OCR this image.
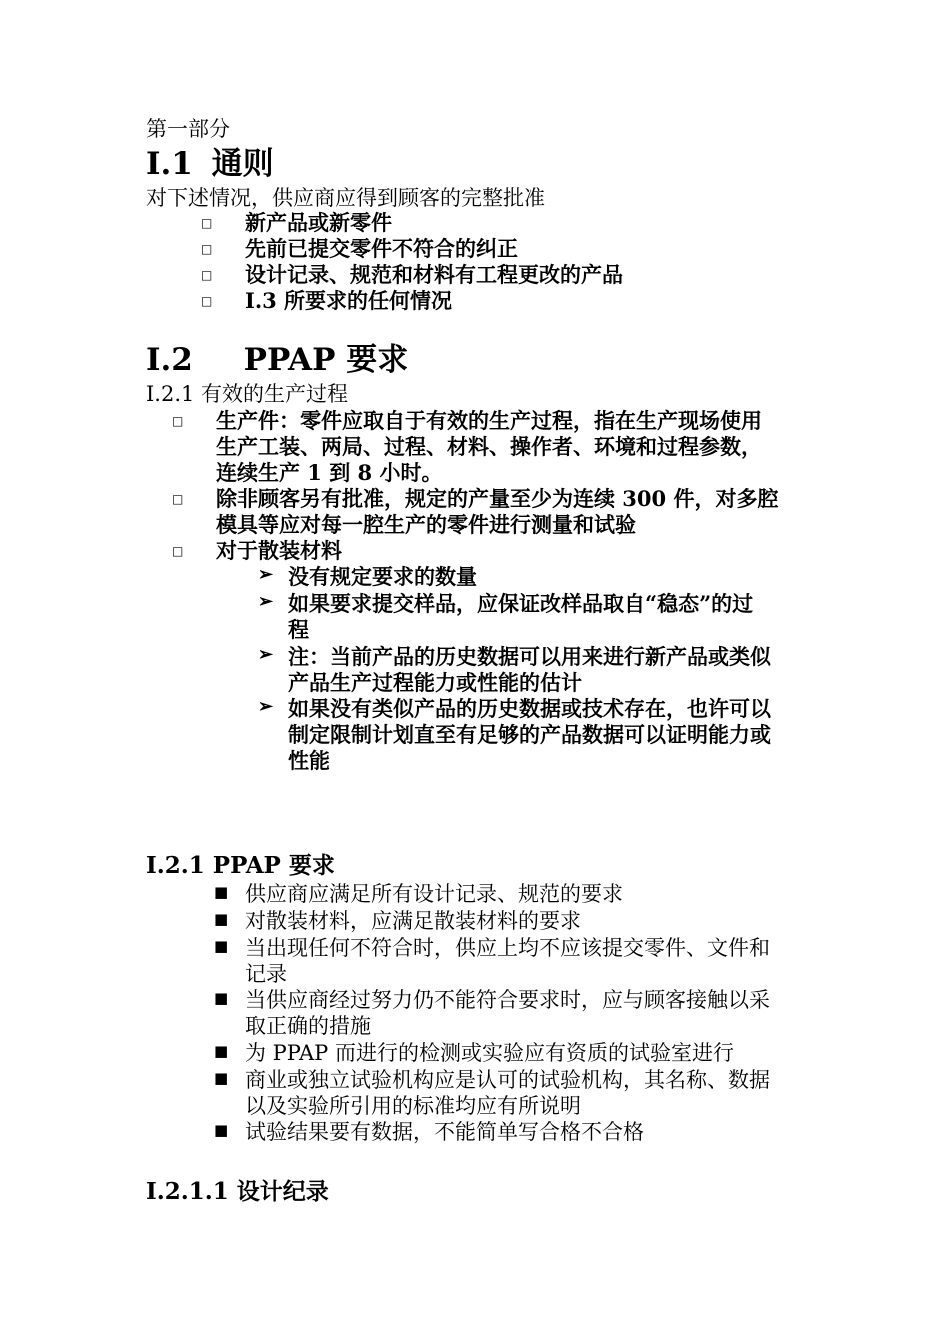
第一部分
I.1 通则
对下述情况，供应商应得到顾客的完整批准
□ 新产品或新零件
□ 先前已提交零件不符合的纠正
□ 设计记录、规范和材料有工程更改的产品
□ I.3 所要求的任何情况
I.2 PPAP 要求
I.2.1 有效的生产过程
□ 生产件：零件应取自于有效的生产过程，指在生产现场使用
生产工装、两局、过程、材料、操作者、环境和过程参数，
连续生产 1 到 8 小时。
□ 除非顾客另有批准，规定的产量至少为连续 300 件，对多腔
模具等应对每一腔生产的零件进行测量和试验
□ 对于散装材料
➢ 没有规定要求的数量
➢ 如果要求提交样品，应保证改样品取自“稳态”的过
程
➢ 注：当前产品的历史数据可以用来进行新产品或类似
产品生产过程能力或性能的估计
➢ 如果没有类似产品的历史数据或技术存在，也许可以
制定限制计划直至有足够的产品数据可以证明能力或
性能
I.2.1 PPAP 要求
■ 供应商应满足所有设计记录、规范的要求
■ 对散装材料，应满足散装材料的要求
■ 当出现任何不符合时，供应上均不应该提交零件、文件和
记录
■ 当供应商经过努力仍不能符合要求时，应与顾客接触以采
取正确的措施
■ 为 PPAP 而进行的检测或实验应有资质的试验室进行
■ 商业或独立试验机构应是认可的试验机构，其名称、数据
以及实验所引用的标准均应有所说明
■ 试验结果要有数据，不能简单写合格不合格
I.2.1.1 设计纪录
